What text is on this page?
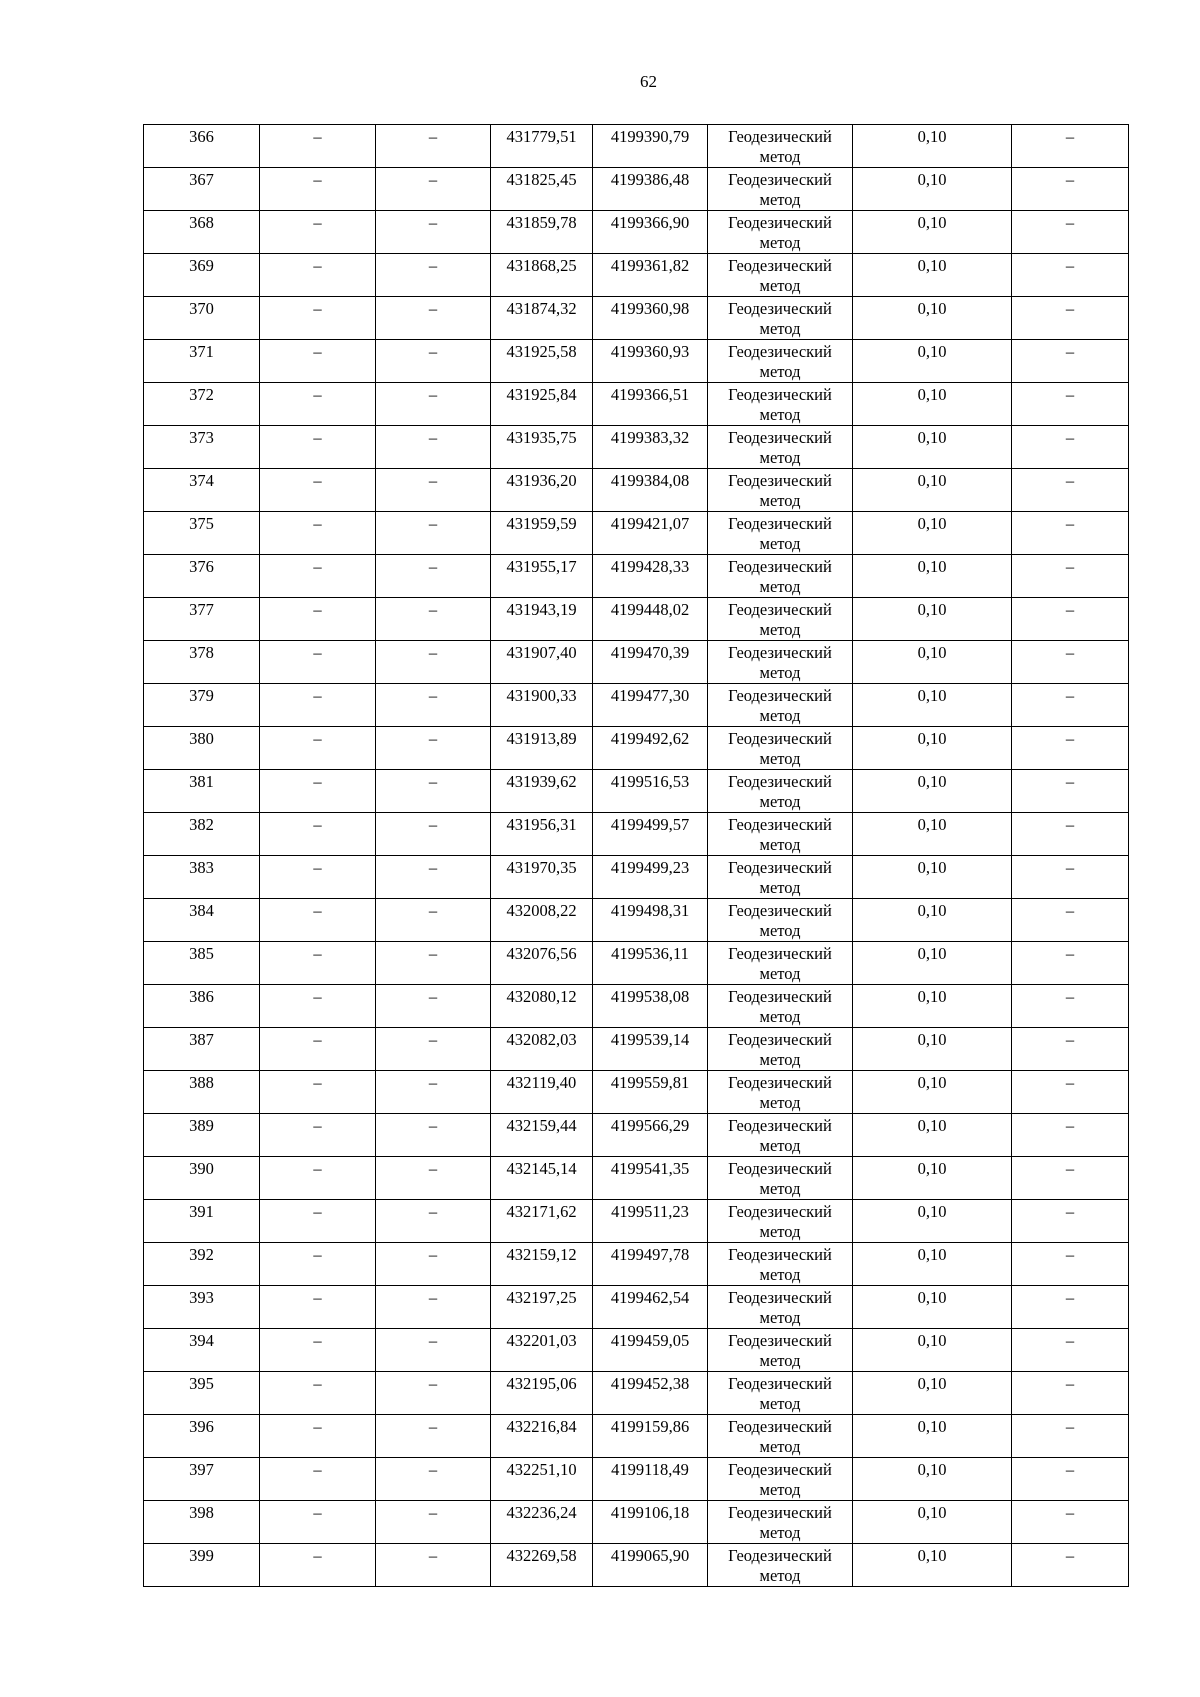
62
366	–	–	431779,51	4199390,79	Геодезический
метод	0,10	–

367	–	–	431825,45	4199386,48	Геодезический
метод	0,10	–

368	–	–	431859,78	4199366,90	Геодезический
метод	0,10	–

369	–	–	431868,25	4199361,82	Геодезический
метод	0,10	–

370	–	–	431874,32	4199360,98	Геодезический
метод	0,10	–

371	–	–	431925,58	4199360,93	Геодезический
метод	0,10	–

372	–	–	431925,84	4199366,51	Геодезический
метод	0,10	–

373	–	–	431935,75	4199383,32	Геодезический
метод	0,10	–

374	–	–	431936,20	4199384,08	Геодезический
метод	0,10	–

375	–	–	431959,59	4199421,07	Геодезический
метод	0,10	–

376	–	–	431955,17	4199428,33	Геодезический
метод	0,10	–

377	–	–	431943,19	4199448,02	Геодезический
метод	0,10	–

378	–	–	431907,40	4199470,39	Геодезический
метод	0,10	–

379	–	–	431900,33	4199477,30	Геодезический
метод	0,10	–

380	–	–	431913,89	4199492,62	Геодезический
метод	0,10	–

381	–	–	431939,62	4199516,53	Геодезический
метод	0,10	–

382	–	–	431956,31	4199499,57	Геодезический
метод	0,10	–

383	–	–	431970,35	4199499,23	Геодезический
метод	0,10	–

384	–	–	432008,22	4199498,31	Геодезический
метод	0,10	–

385	–	–	432076,56	4199536,11	Геодезический
метод	0,10	–

386	–	–	432080,12	4199538,08	Геодезический
метод	0,10	–

387	–	–	432082,03	4199539,14	Геодезический
метод	0,10	–

388	–	–	432119,40	4199559,81	Геодезический
метод	0,10	–

389	–	–	432159,44	4199566,29	Геодезический
метод	0,10	–

390	–	–	432145,14	4199541,35	Геодезический
метод	0,10	–

391	–	–	432171,62	4199511,23	Геодезический
метод	0,10	–

392	–	–	432159,12	4199497,78	Геодезический
метод	0,10	–

393	–	–	432197,25	4199462,54	Геодезический
метод	0,10	–

394	–	–	432201,03	4199459,05	Геодезический
метод	0,10	–

395	–	–	432195,06	4199452,38	Геодезический
метод	0,10	–

396	–	–	432216,84	4199159,86	Геодезический
метод	0,10	–

397	–	–	432251,10	4199118,49	Геодезический
метод	0,10	–

398	–	–	432236,24	4199106,18	Геодезический
метод	0,10	–

399	–	–	432269,58	4199065,90	Геодезический
метод	0,10	–
